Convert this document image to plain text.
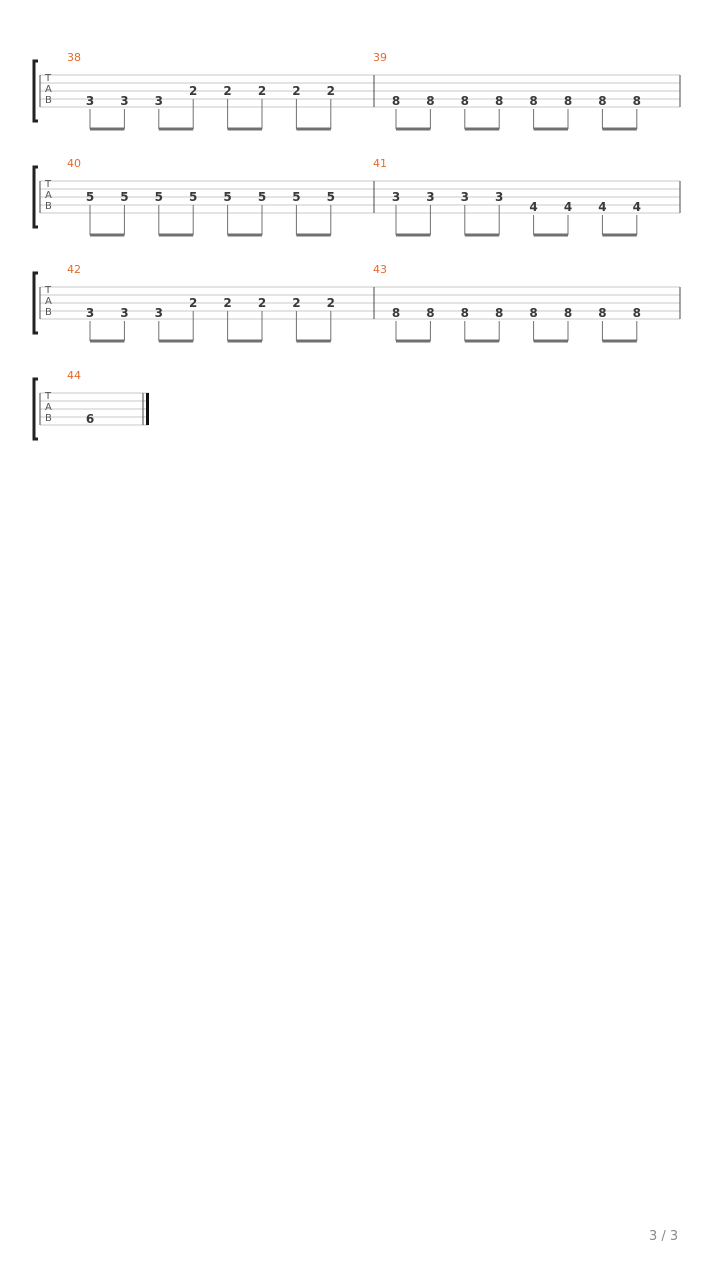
T
A
B
38
3 3 3
2 2 2 2 2
39
8 8 8 8 8 8 8 8
T
A
B
40
5 5 5 5 5 5 5 5
41
3 3 3 3
4 4 4 4
T
A
B
42
3 3 3
2 2 2 2 2
43
8 8 8 8 8 8 8 8
T
A
B
44
6
3 / 3
